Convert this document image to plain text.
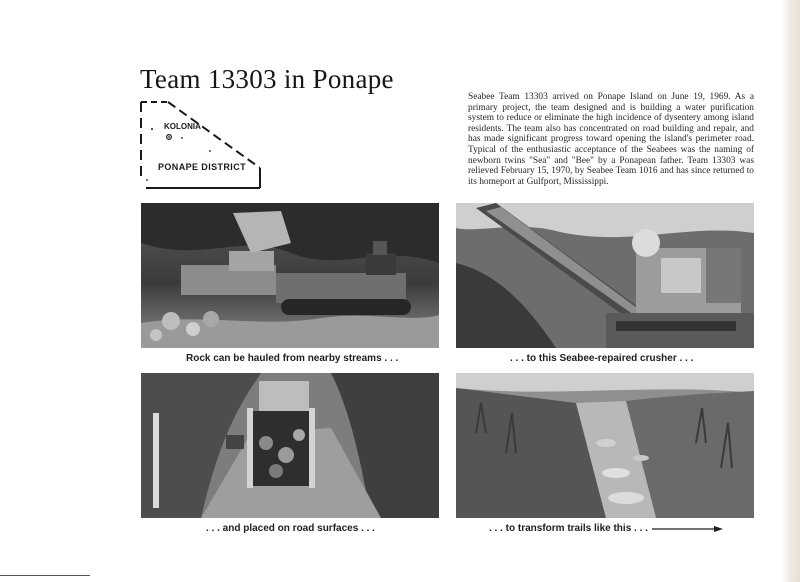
Team 13303 in Ponape
KOLONIA
PONAPE DISTRICT
Seabee Team 13303 arrived on Ponape Island on June 19, 1969. As a primary project, the team designed and is building a water purification system to reduce or eliminate the high incidence of dysentery among island residents. The team also has concentrated on road building and repair, and has made significant progress toward opening the island's perimeter road. Typical of the enthusiastic acceptance of the Seabees was the naming of newborn twins "Sea" and "Bee" by a Ponapean father. Team 13303 was relieved February 15, 1970, by Seabee Team 1016 and has since returned to its homeport at Gulfport, Mississippi.
Rock can be hauled from nearby streams . . .	. . . to this Seabee-repaired crusher . . .
. . . and placed on road surfaces . . .	. . . to transform trails like this . . .
